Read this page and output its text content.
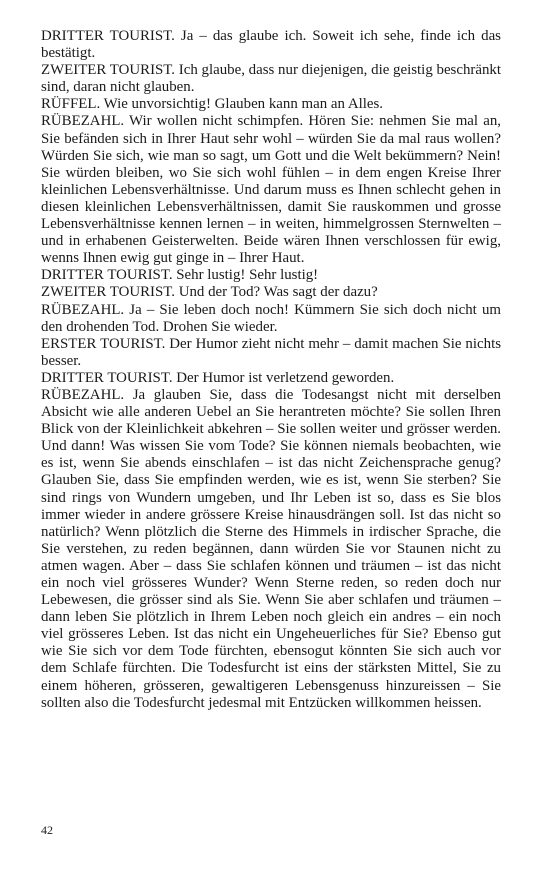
DRITTER TOURIST. Ja – das glaube ich. Soweit ich sehe, finde ich das bestätigt.

ZWEITER TOURIST. Ich glaube, dass nur diejenigen, die geistig beschränkt sind, daran nicht glauben.

RÜFFEL. Wie unvorsichtig! Glauben kann man an Alles.

RÜBEZAHL. Wir wollen nicht schimpfen. Hören Sie: nehmen Sie mal an, Sie befänden sich in Ihrer Haut sehr wohl – würden Sie da mal raus wollen? Würden Sie sich, wie man so sagt, um Gott und die Welt bekümmern? Nein! Sie würden bleiben, wo Sie sich wohl fühlen – in dem engen Kreise Ihrer kleinlichen Lebensverhältnisse. Und darum muss es Ihnen schlecht gehen in diesen kleinlichen Lebensverhältnissen, damit Sie rauskommen und grosse Lebensverhältnisse kennen lernen – in weiten, himmelgrossen Sternwelten – und in erhabenen Geisterwelten. Beide wären Ihnen verschlossen für ewig, wenns Ihnen ewig gut ginge in – Ihrer Haut.

DRITTER TOURIST. Sehr lustig! Sehr lustig!

ZWEITER TOURIST. Und der Tod? Was sagt der dazu?

RÜBEZAHL. Ja – Sie leben doch noch! Kümmern Sie sich doch nicht um den drohenden Tod. Drohen Sie wieder.

ERSTER TOURIST. Der Humor zieht nicht mehr – damit machen Sie nichts besser.

DRITTER TOURIST. Der Humor ist verletzend geworden.

RÜBEZAHL. Ja glauben Sie, dass die Todesangst nicht mit derselben Absicht wie alle anderen Uebel an Sie herantreten möchte? Sie sollen Ihren Blick von der Kleinlichkeit abkehren – Sie sollen weiter und grösser werden. Und dann! Was wissen Sie vom Tode? Sie können niemals beobachten, wie es ist, wenn Sie abends einschlafen – ist das nicht Zeichensprache genug? Glauben Sie, dass Sie empfinden werden, wie es ist, wenn Sie sterben? Sie sind rings von Wundern umgeben, und Ihr Leben ist so, dass es Sie blos immer wieder in andere grössere Kreise hinausdrängen soll. Ist das nicht so natürlich? Wenn plötzlich die Sterne des Himmels in irdischer Sprache, die Sie verstehen, zu reden begännen, dann würden Sie vor Staunen nicht zu atmen wagen. Aber – dass Sie schlafen können und träumen – ist das nicht ein noch viel grösseres Wunder? Wenn Sterne reden, so reden doch nur Lebewesen, die grösser sind als Sie. Wenn Sie aber schlafen und träumen – dann leben Sie plötzlich in Ihrem Leben noch gleich ein andres – ein noch viel grösseres Leben. Ist das nicht ein Ungeheuerliches für Sie? Ebenso gut wie Sie sich vor dem Tode fürchten, ebensogut könnten Sie sich auch vor dem Schlafe fürchten. Die Todesfurcht ist eins der stärksten Mittel, Sie zu einem höheren, grösseren, gewaltigeren Lebensgenuss hinzureissen – Sie sollten also die Todesfurcht jedesmal mit Entzücken willkommen heissen.

42
